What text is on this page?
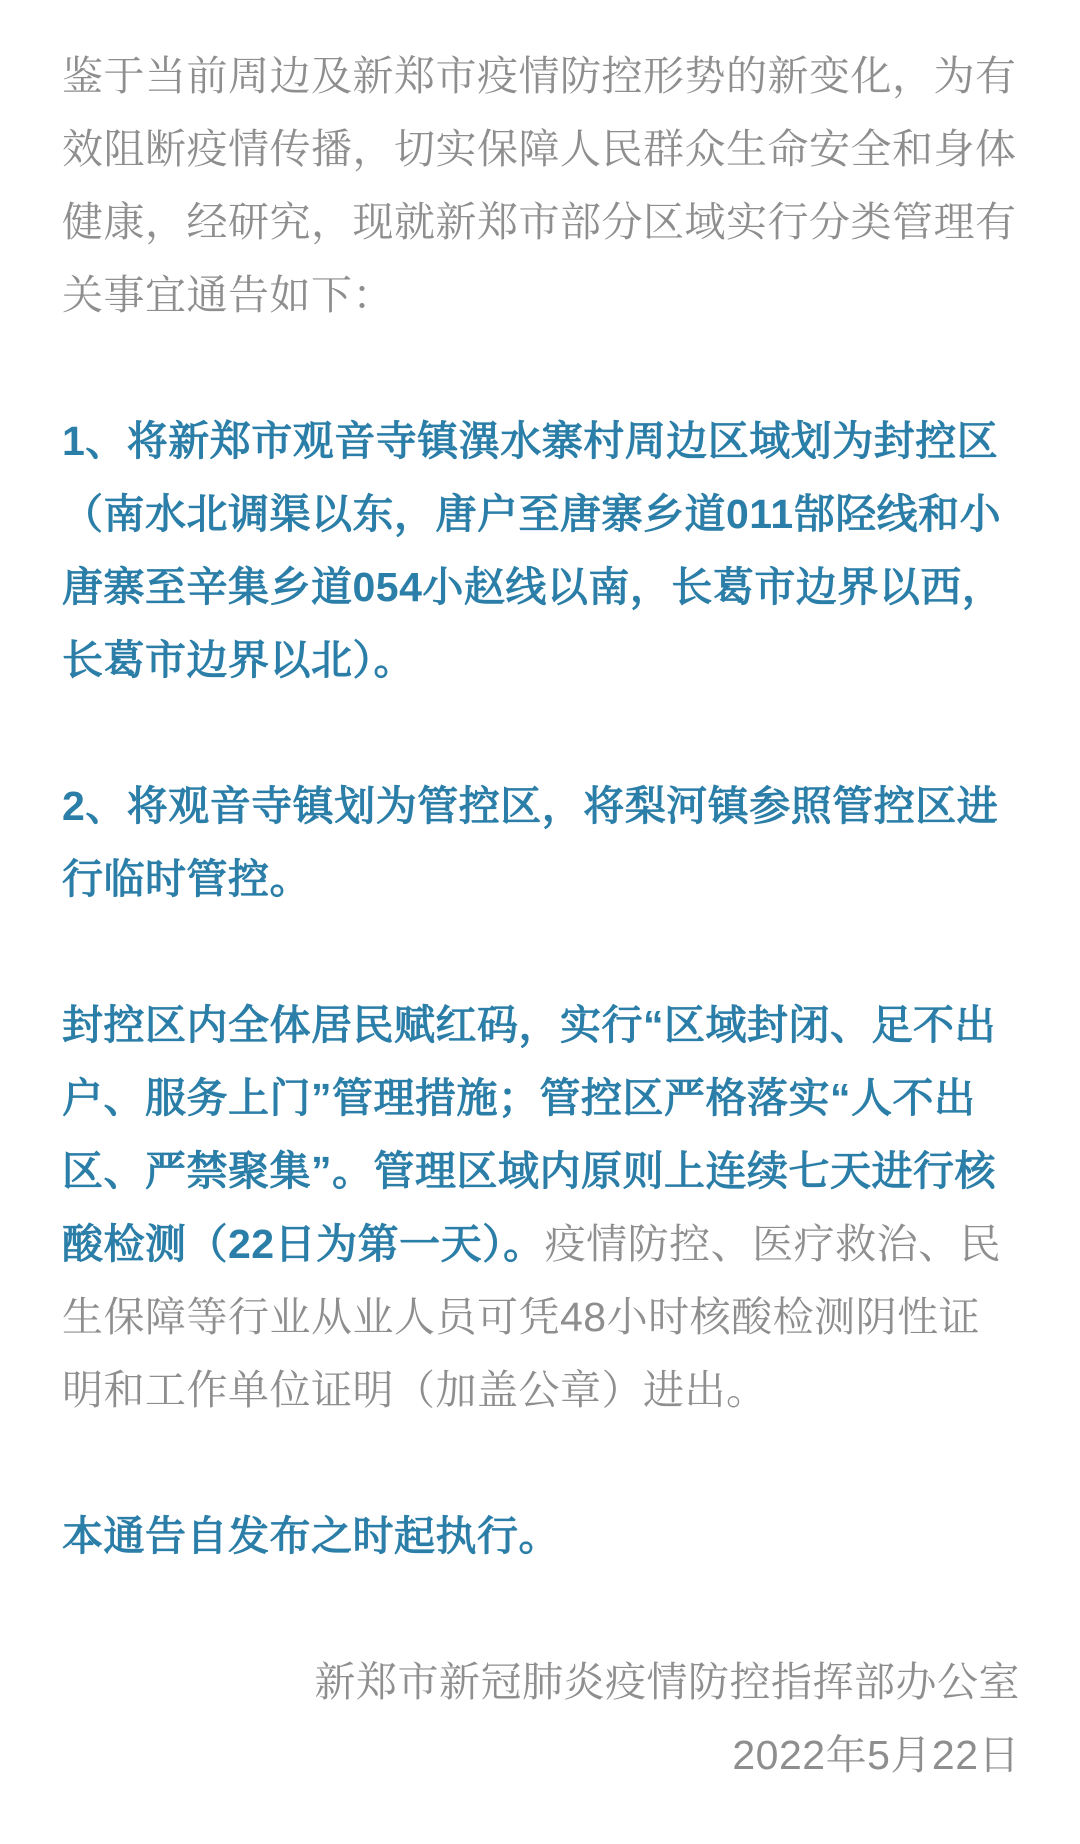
鉴于当前周边及新郑市疫情防控形势的新变化，为有效阻断疫情传播，切实保障人民群众生命安全和身体健康，经研究，现就新郑市部分区域实行分类管理有关事宜通告如下：

1、将新郑市观音寺镇潩水寨村周边区域划为封控区（南水北调渠以东，唐户至唐寨乡道011郜陉线和小唐寨至辛集乡道054小赵线以南，长葛市边界以西，长葛市边界以北）。

2、将观音寺镇划为管控区，将梨河镇参照管控区进行临时管控。

封控区内全体居民赋红码，实行“区域封闭、足不出户、服务上门”管理措施；管控区严格落实“人不出区、严禁聚集”。管理区域内原则上连续七天进行核酸检测（22日为第一天）。疫情防控、医疗救治、民生保障等行业从业人员可凭48小时核酸检测阴性证明和工作单位证明（加盖公章）进出。

本通告自发布之时起执行。

新郑市新冠肺炎疫情防控指挥部办公室

2022年5月22日
